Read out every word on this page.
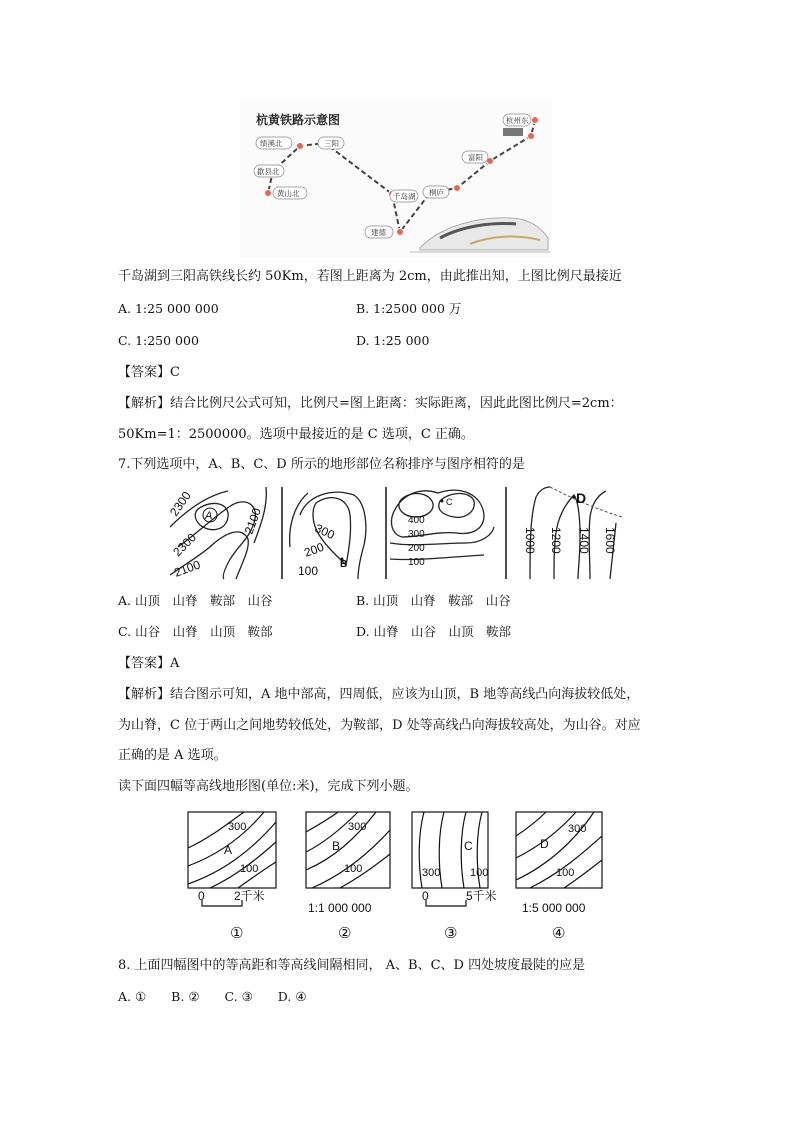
杭黄铁路示意图	杭州东
富阳
桐庐
建德
千岛湖
三阳
绩溪北
歙县北
黄山北
千岛湖到三阳高铁线长约 50Km，若图上距离为 2cm，由此推出知，上图比例尺最接近
A. 1:25 000 000	B. 1:2500 000 万
C. 1:250 000	D. 1:25 000
【答案】C
【解析】结合比例尺公式可知，比例尺=图上距离：实际距离，因此此图比例尺=2cm：
50Km=1：2500000。选项中最接近的是 C 选项，C 正确。
7.下列选项中，A、B、C、D 所示的地形部位名称排序与图序相符的是
2300
2100
2300
2100
300
200
100
400
300
200
100
1000 1200 1400 1600
A
B
C	D
A. 山顶　山脊　鞍部　山谷	B. 山顶　山脊　鞍部　山谷
C. 山谷　山脊　山顶　鞍部	D. 山脊　山谷　山顶　鞍部
【答案】A
【解析】结合图示可知，A 地中部高，四周低，应该为山顶，B 地等高线凸向海拔较低处，
为山脊，C 位于两山之间地势较低处，为鞍部，D 处等高线凸向海拔较高处，为山谷。对应
正确的是 A 选项。
读下面四幅等高线地形图(单位:米)，完成下列小题。
300
A
100
0 2千米
①
300
B
100
1:1 000 000
②
300
C
100
0	5千米
③
300
D
100
1:5 000 000
④
8. 上面四幅图中的等高距和等高线间隔相同， A、B、C、D 四处坡度最陡的应是
A. ①　　B. ②　　C. ③　　D. ④
